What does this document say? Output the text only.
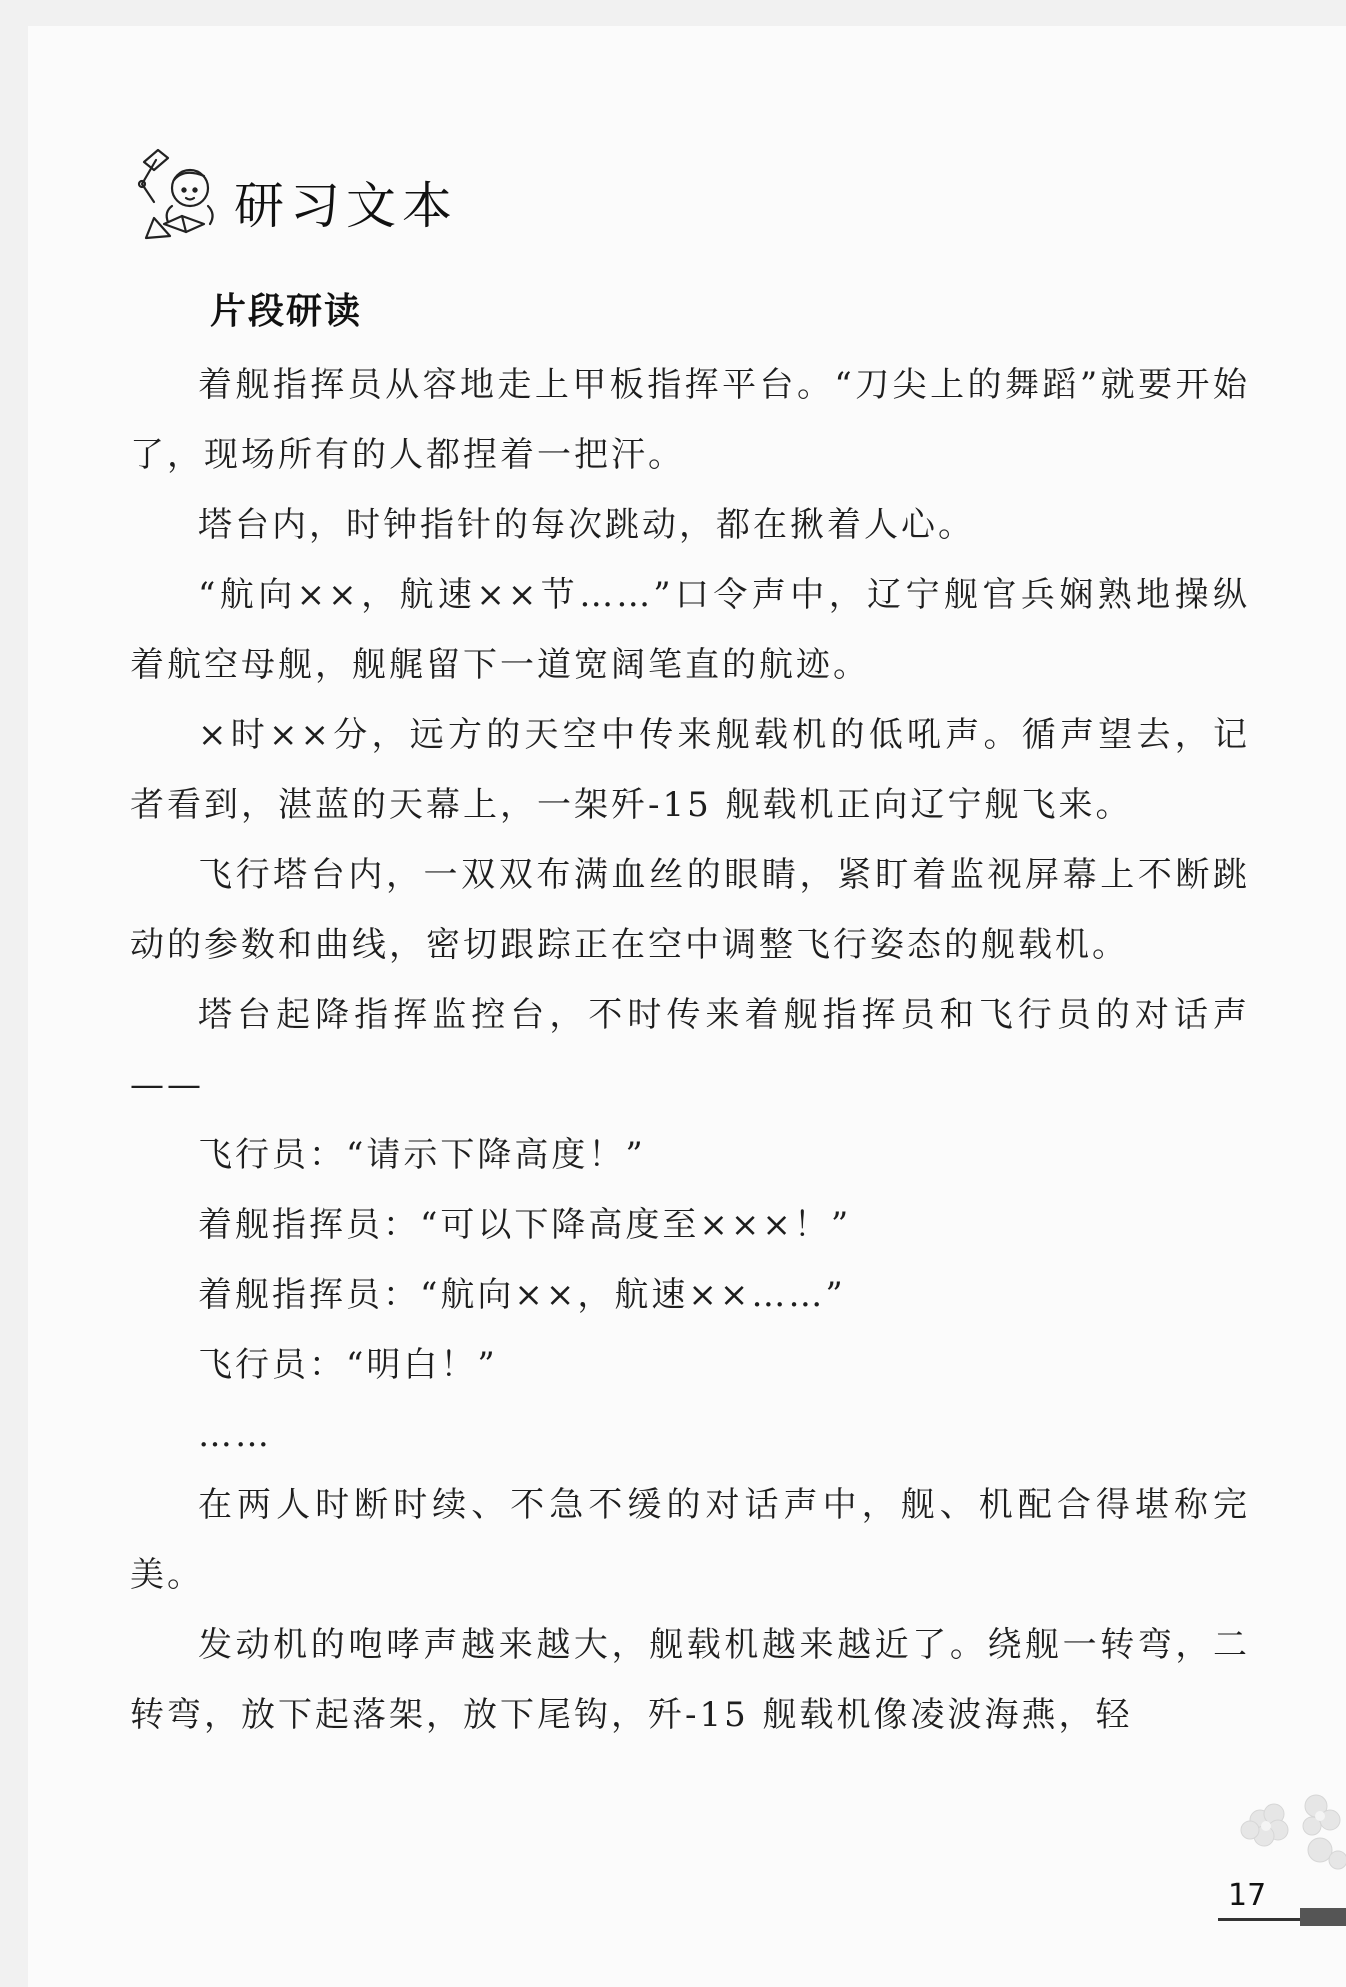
研习文本
片段研读

着舰指挥员从容地走上甲板指挥平台。“刀尖上的舞蹈”就要开始了，现场所有的人都捏着一把汗。

塔台内，时钟指针的每次跳动，都在揪着人心。

“航向××，航速××节……”口令声中，辽宁舰官兵娴熟地操纵着航空母舰，舰艉留下一道宽阔笔直的航迹。

×时××分，远方的天空中传来舰载机的低吼声。循声望去，记者看到，湛蓝的天幕上，一架歼-15 舰载机正向辽宁舰飞来。

飞行塔台内，一双双布满血丝的眼睛，紧盯着监视屏幕上不断跳动的参数和曲线，密切跟踪正在空中调整飞行姿态的舰载机。

塔台起降指挥监控台，不时传来着舰指挥员和飞行员的对话声——

飞行员：“请示下降高度！”

着舰指挥员：“可以下降高度至×××！”

着舰指挥员：“航向××，航速××……”

飞行员：“明白！”

……

在两人时断时续、不急不缓的对话声中，舰、机配合得堪称完美。

发动机的咆哮声越来越大，舰载机越来越近了。绕舰一转弯，二转弯，放下起落架，放下尾钩，歼-15 舰载机像凌波海燕，轻

17
